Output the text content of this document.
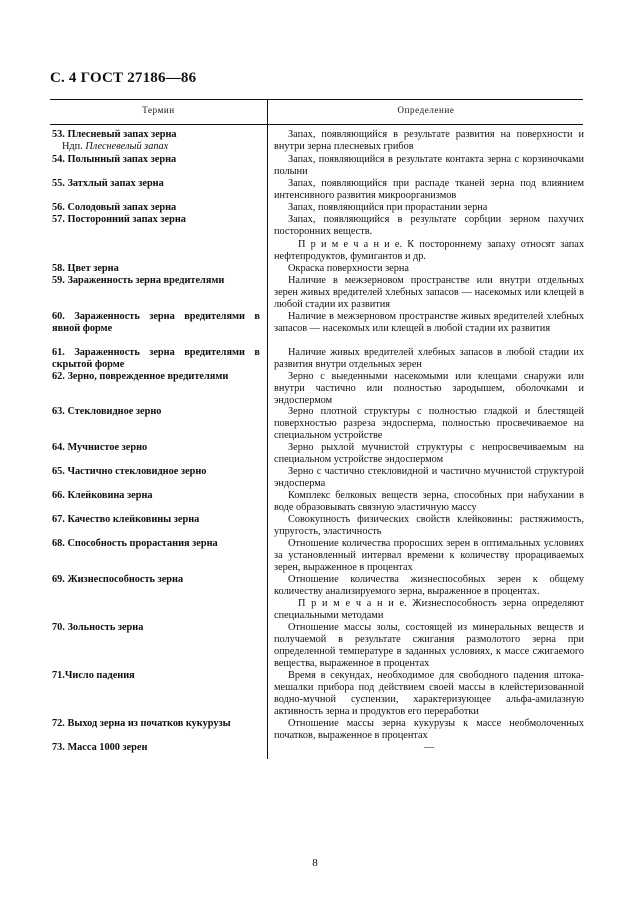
С. 4 ГОСТ 27186—86
Термин	Определение
53. Плесневый запах зерна
Ндп. Плесневелый запах
54. Полынный запах зерна
55. Затхлый запах зерна
56. Солодовый запах зерна
57. Посторонний запах зерна
58. Цвет зерна
59. Зараженность зерна вредителями
60. Зараженность зерна вредителями в явной форме
61. Зараженность зерна вредителями в скрытой форме
62. Зерно, поврежденное вредителями
63. Стекловидное зерно
64. Мучнистое зерно
65. Частично стекловидное зерно
66. Клейковина зерна
67. Качество клейковины зерна
68. Способность прорастания зерна
69. Жизнеспособность зерна
70. Зольность зерна
71.Число падения
72. Выход зерна из початков кукурузы
73. Масса 1000 зерен
Запах, появляющийся в результате развития на поверхности и внутри зерна плесневых грибов
Запах, появляющийся в результате контакта зерна с корзиночками полыни
Запах, появляющийся при распаде тканей зерна под влиянием интенсивного развития микроорганизмов
Запах, появляющийся при прорастании зерна
Запах, появляющийся в результате сорбции зерном пахучих посторонних веществ.
П р и м е ч а н и е. К постороннему запаху относят запах нефтепродуктов, фумигантов и др.
Окраска поверхности зерна
Наличие в межзерновом пространстве или внутри отдельных зерен живых вредителей хлебных запасов — насекомых или клещей в любой стадии их развития
Наличие в межзерновом пространстве живых вредителей хлебных запасов — насекомых или клещей в любой стадии их развития
Наличие живых вредителей хлебных запасов в любой стадии их развития внутри отдельных зерен
Зерно с выеденными насекомыми или клещами снаружи или внутри частично или полностью зародышем, оболочками и эндоспермом
Зерно плотной структуры с полностью гладкой и блестящей поверхностью разреза эндосперма, полностью просвечиваемое на специальном устройстве
Зерно рыхлой мучнистой структуры с непросвечиваемым на специальном устройстве эндоспермом
Зерно с частично стекловидной и частично мучнистой структурой эндосперма
Комплекс белковых веществ зерна, способных при набухании в воде образовывать связную эластичную массу
Совокупность физических свойств клейковины: растяжимость, упругость, эластичность
Отношение количества проросших зерен в оптимальных условиях за установленный интервал времени к количеству прорациваемых зерен, выраженное в процентах
Отношение количества жизнеспособных зерен к общему количеству анализируемого зерна, выраженное в процентах.
П р и м е ч а н и е. Жизнеспособность зерна определяют специальными методами
Отношение массы золы, состоящей из минеральных веществ и получаемой в результате сжигания размолотого зерна при определенной температуре в заданных условиях, к массе сжигаемого вещества, выраженное в процентах
Время в секундах, необходимое для свободного падения штока-мешалки прибора под действием своей массы в клейстеризованной водно-мучной суспензии, характеризующее альфа-амилазную активность зерна и продуктов его переработки
Отношение массы зерна кукурузы к массе необмолоченных початков, выраженное в процентах
—
8
